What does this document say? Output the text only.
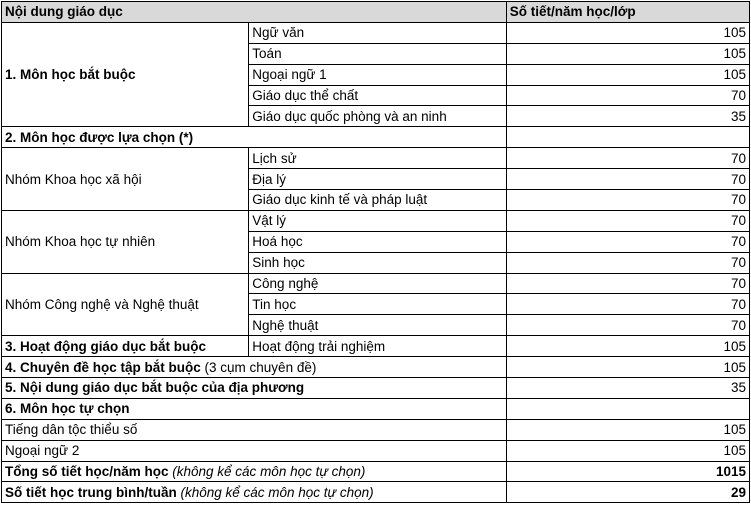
Nội dung giáo dục		Số tiết/năm học/lớp
1. Môn học bắt buộc	Ngữ văn	105
	Toán	105
	Ngoại ngữ 1	105
	Giáo dục thể chất	70
	Giáo dục quốc phòng và an ninh	35
2. Môn học được lựa chọn (*)		
Nhóm Khoa học xã hội	Lịch sử	70
	Địa lý	70
	Giáo dục kinh tế và pháp luật	70
Nhóm Khoa học tự nhiên	Vật lý	70
	Hoá học	70
	Sinh học	70
Nhóm Công nghệ và Nghệ thuật	Công nghệ	70
	Tin học	70
	Nghệ thuật	70
3. Hoạt động giáo dục bắt buộc	Hoạt động trải nghiệm	105
4. Chuyên đề học tập bắt buộc (3 cụm chuyên đề)		105
5. Nội dung giáo dục bắt buộc của địa phương		35
6. Môn học tự chọn		
Tiếng dân tộc thiểu số		105
Ngoại ngữ 2		105
Tổng số tiết học/năm học (không kể các môn học tự chọn)		1015
Số tiết học trung bình/tuần (không kể các môn học tự chọn)		29
